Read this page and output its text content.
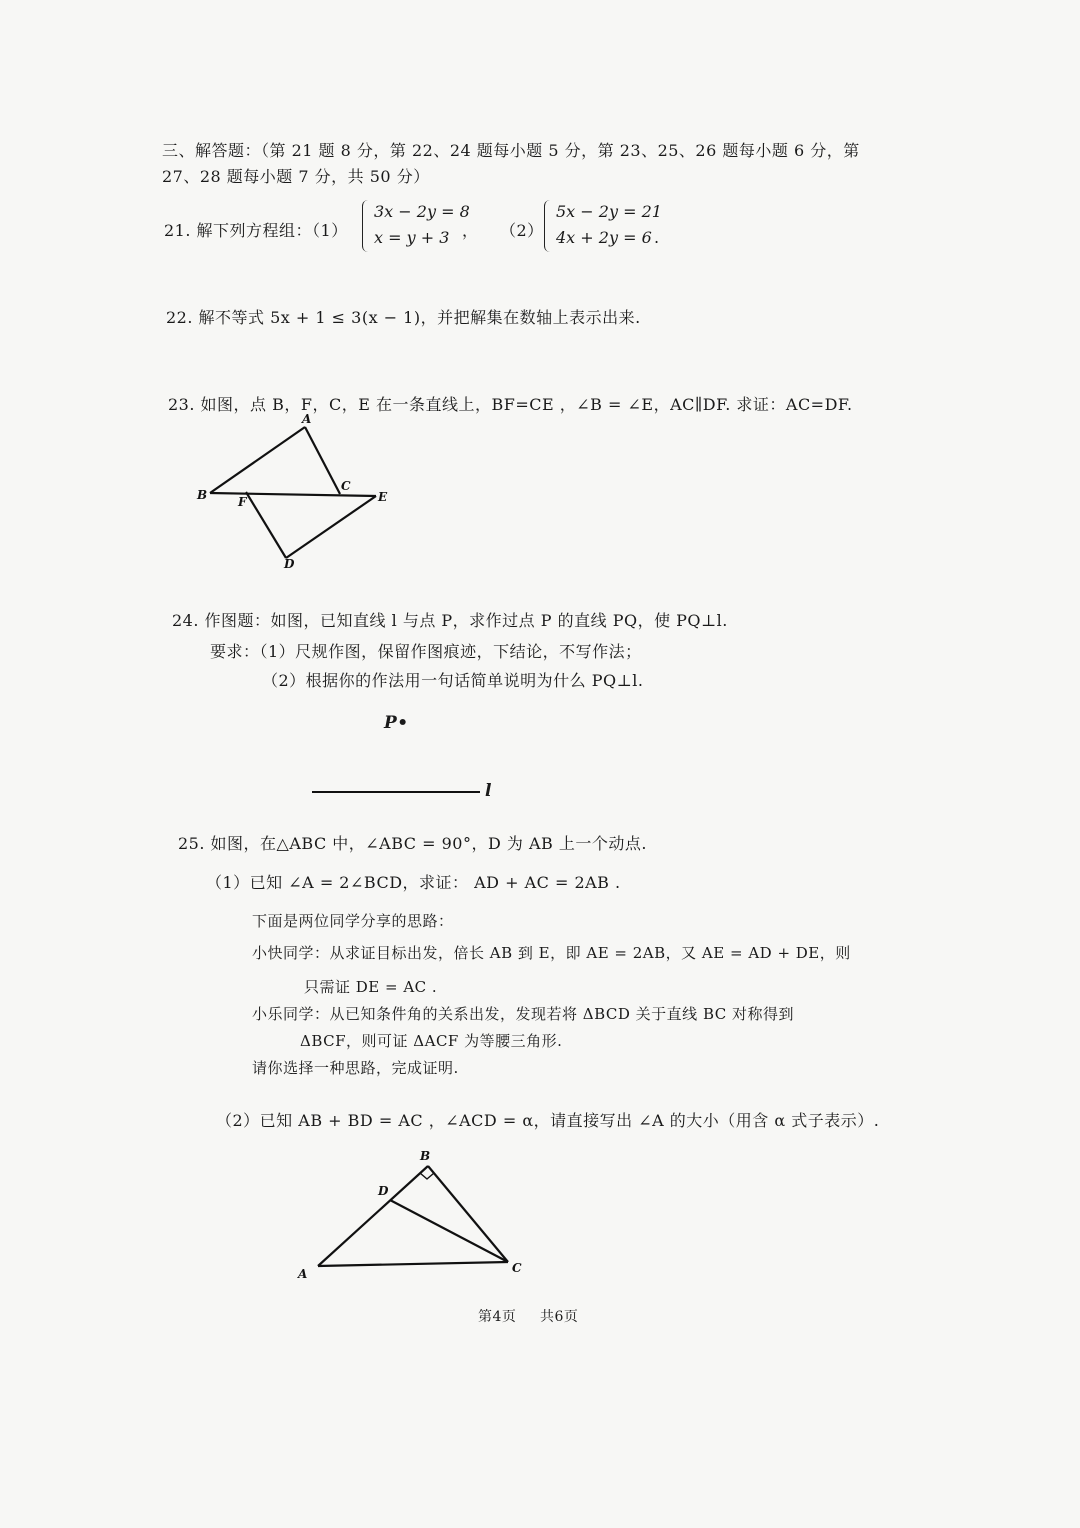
三、解答题：（第 21 题 8 分，第 22、24 题每小题 5 分，第 23、25、26 题每小题 6 分，第
27、28 题每小题 7 分，共 50 分）
21. 解下列方程组：（1）
3x − 2y = 8
x = y + 3 ， （2）
5x − 2y = 21
4x + 2y = 6 .
22. 解不等式 5x + 1 ≤ 3(x − 1)，并把解集在数轴上表示出来.
23. 如图，点 B，F，C，E 在一条直线上，BF=CE ，∠B = ∠E，AC∥DF. 求证：AC=DF.
A
B
C
D
E
F
24. 作图题：如图，已知直线 l 与点 P，求作过点 P 的直线 PQ，使 PQ⊥l.
要求：（1）尺规作图，保留作图痕迹，下结论，不写作法；
（2）根据你的作法用一句话简单说明为什么 PQ⊥l.
P•
l
25. 如图，在△ABC 中，∠ABC = 90°，D 为 AB 上一个动点.
（1）已知 ∠A = 2∠BCD，求证： AD + AC = 2AB .
下面是两位同学分享的思路：
小快同学：从求证目标出发，倍长 AB 到 E，即 AE = 2AB，又 AE = AD + DE，则
只需证 DE = AC .
小乐同学：从已知条件角的关系出发，发现若将 ΔBCD 关于直线 BC 对称得到
ΔBCF，则可证 ΔACF 为等腰三角形.
请你选择一种思路，完成证明.
（2）已知 AB + BD = AC ，∠ACD = α，请直接写出 ∠A 的大小（用含 α 式子表示）.
B
D
A	C
第4页 共6页
